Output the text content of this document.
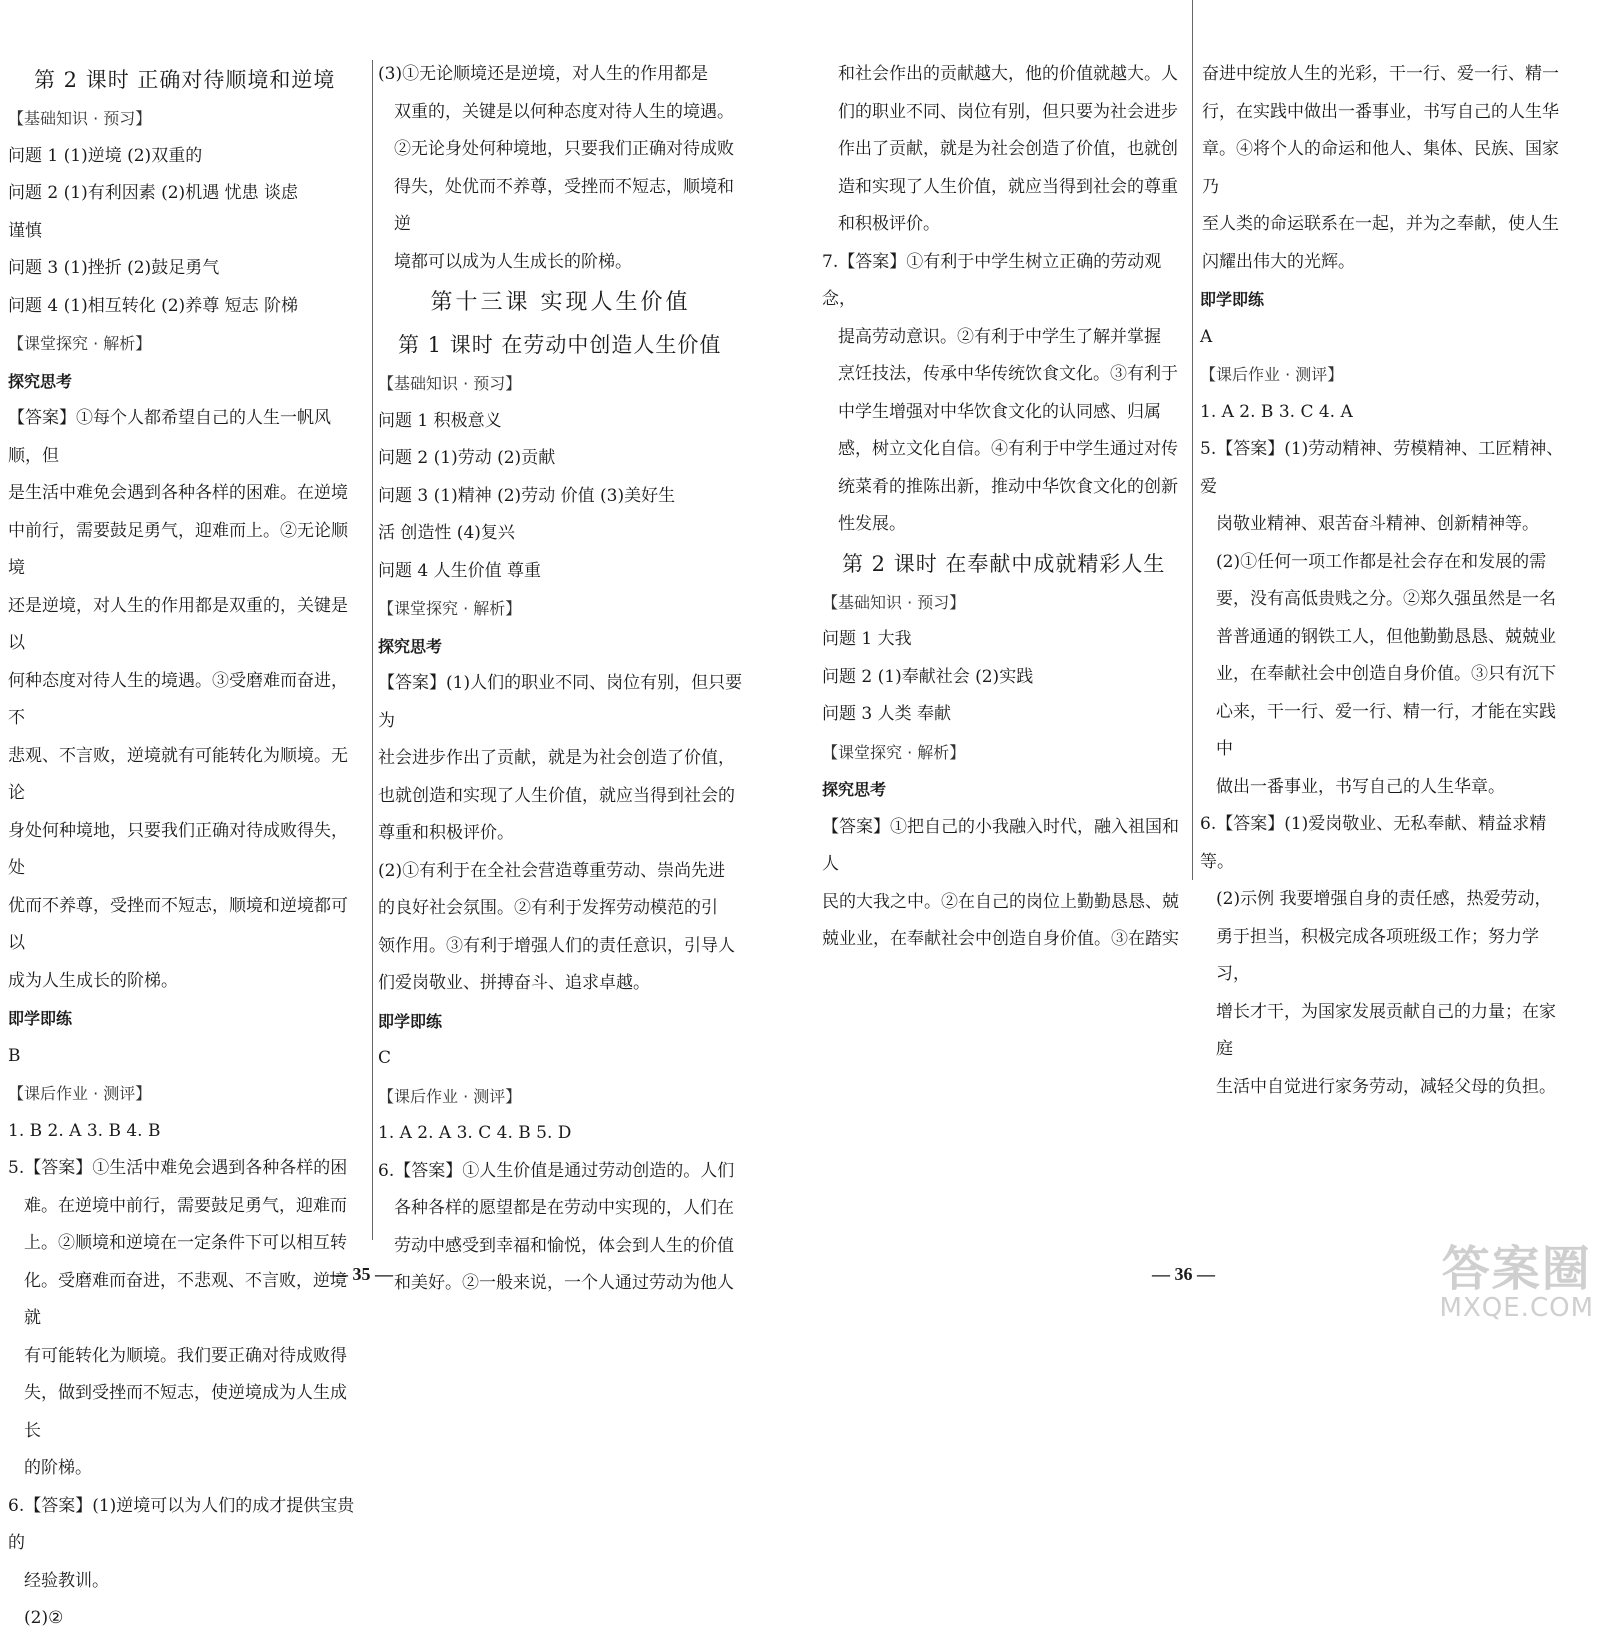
第 2 课时 正确对待顺境和逆境

【基础知识 · 预习】

问题 1 (1)逆境 (2)双重的

问题 2 (1)有利因素 (2)机遇 忧患 谈虑

谨慎

问题 3 (1)挫折 (2)鼓足勇气

问题 4 (1)相互转化 (2)养尊 短志 阶梯

【课堂探究 · 解析】

探究思考

【答案】①每个人都希望自己的人生一帆风顺，但

是生活中难免会遇到各种各样的困难。在逆境

中前行，需要鼓足勇气，迎难而上。②无论顺境

还是逆境，对人生的作用都是双重的，关键是以

何种态度对待人生的境遇。③受磨难而奋进，不

悲观、不言败，逆境就有可能转化为顺境。无论

身处何种境地，只要我们正确对待成败得失，处

优而不养尊，受挫而不短志，顺境和逆境都可以

成为人生成长的阶梯。

即学即练

B

【课后作业 · 测评】

1. B 2. A 3. B 4. B

5.【答案】①生活中难免会遇到各种各样的困

难。在逆境中前行，需要鼓足勇气，迎难而

上。②顺境和逆境在一定条件下可以相互转

化。受磨难而奋进，不悲观、不言败，逆境就

有可能转化为顺境。我们要正确对待成败得

失，做到受挫而不短志，使逆境成为人生成长

的阶梯。

6.【答案】(1)逆境可以为人们的成才提供宝贵的

经验教训。

(2)②

(3)①无论顺境还是逆境，对人生的作用都是

双重的，关键是以何种态度对待人生的境遇。

②无论身处何种境地，只要我们正确对待成败

得失，处优而不养尊，受挫而不短志，顺境和逆

境都可以成为人生成长的阶梯。

第十三课 实现人生价值

第 1 课时 在劳动中创造人生价值

【基础知识 · 预习】

问题 1 积极意义

问题 2 (1)劳动 (2)贡献

问题 3 (1)精神 (2)劳动 价值 (3)美好生

活 创造性 (4)复兴

问题 4 人生价值 尊重

【课堂探究 · 解析】

探究思考

【答案】(1)人们的职业不同、岗位有别，但只要为

社会进步作出了贡献，就是为社会创造了价值，

也就创造和实现了人生价值，就应当得到社会的

尊重和积极评价。

(2)①有利于在全社会营造尊重劳动、崇尚先进

的良好社会氛围。②有利于发挥劳动模范的引

领作用。③有利于增强人们的责任意识，引导人

们爱岗敬业、拼搏奋斗、追求卓越。

即学即练

C

【课后作业 · 测评】

1. A 2. A 3. C 4. B 5. D

6.【答案】①人生价值是通过劳动创造的。人们

各种各样的愿望都是在劳动中实现的，人们在

劳动中感受到幸福和愉悦，体会到人生的价值

和美好。②一般来说，一个人通过劳动为他人

和社会作出的贡献越大，他的价值就越大。人

们的职业不同、岗位有别，但只要为社会进步

作出了贡献，就是为社会创造了价值，也就创

造和实现了人生价值，就应当得到社会的尊重

和积极评价。

7.【答案】①有利于中学生树立正确的劳动观念，

提高劳动意识。②有利于中学生了解并掌握

烹饪技法，传承中华传统饮食文化。③有利于

中学生增强对中华饮食文化的认同感、归属

感，树立文化自信。④有利于中学生通过对传

统菜肴的推陈出新，推动中华饮食文化的创新

性发展。

第 2 课时 在奉献中成就精彩人生

【基础知识 · 预习】

问题 1 大我

问题 2 (1)奉献社会 (2)实践

问题 3 人类 奉献

【课堂探究 · 解析】

探究思考

【答案】①把自己的小我融入时代，融入祖国和人

民的大我之中。②在自己的岗位上勤勤恳恳、兢

兢业业，在奉献社会中创造自身价值。③在踏实

奋进中绽放人生的光彩，干一行、爱一行、精一

行，在实践中做出一番事业，书写自己的人生华

章。④将个人的命运和他人、集体、民族、国家乃

至人类的命运联系在一起，并为之奉献，使人生

闪耀出伟大的光辉。

即学即练

A

【课后作业 · 测评】

1. A 2. B 3. C 4. A

5.【答案】(1)劳动精神、劳模精神、工匠精神、爱

岗敬业精神、艰苦奋斗精神、创新精神等。

(2)①任何一项工作都是社会存在和发展的需

要，没有高低贵贱之分。②郑久强虽然是一名

普普通通的钢铁工人，但他勤勤恳恳、兢兢业

业，在奉献社会中创造自身价值。③只有沉下

心来，干一行、爱一行、精一行，才能在实践中

做出一番事业，书写自己的人生华章。

6.【答案】(1)爱岗敬业、无私奉献、精益求精等。

(2)示例 我要增强自身的责任感，热爱劳动，

勇于担当，积极完成各项班级工作；努力学习，

增长才干，为国家发展贡献自己的力量；在家庭

生活中自觉进行家务劳动，减轻父母的负担。

— 35 —	— 36 —	答案圈
MXQE.COM
